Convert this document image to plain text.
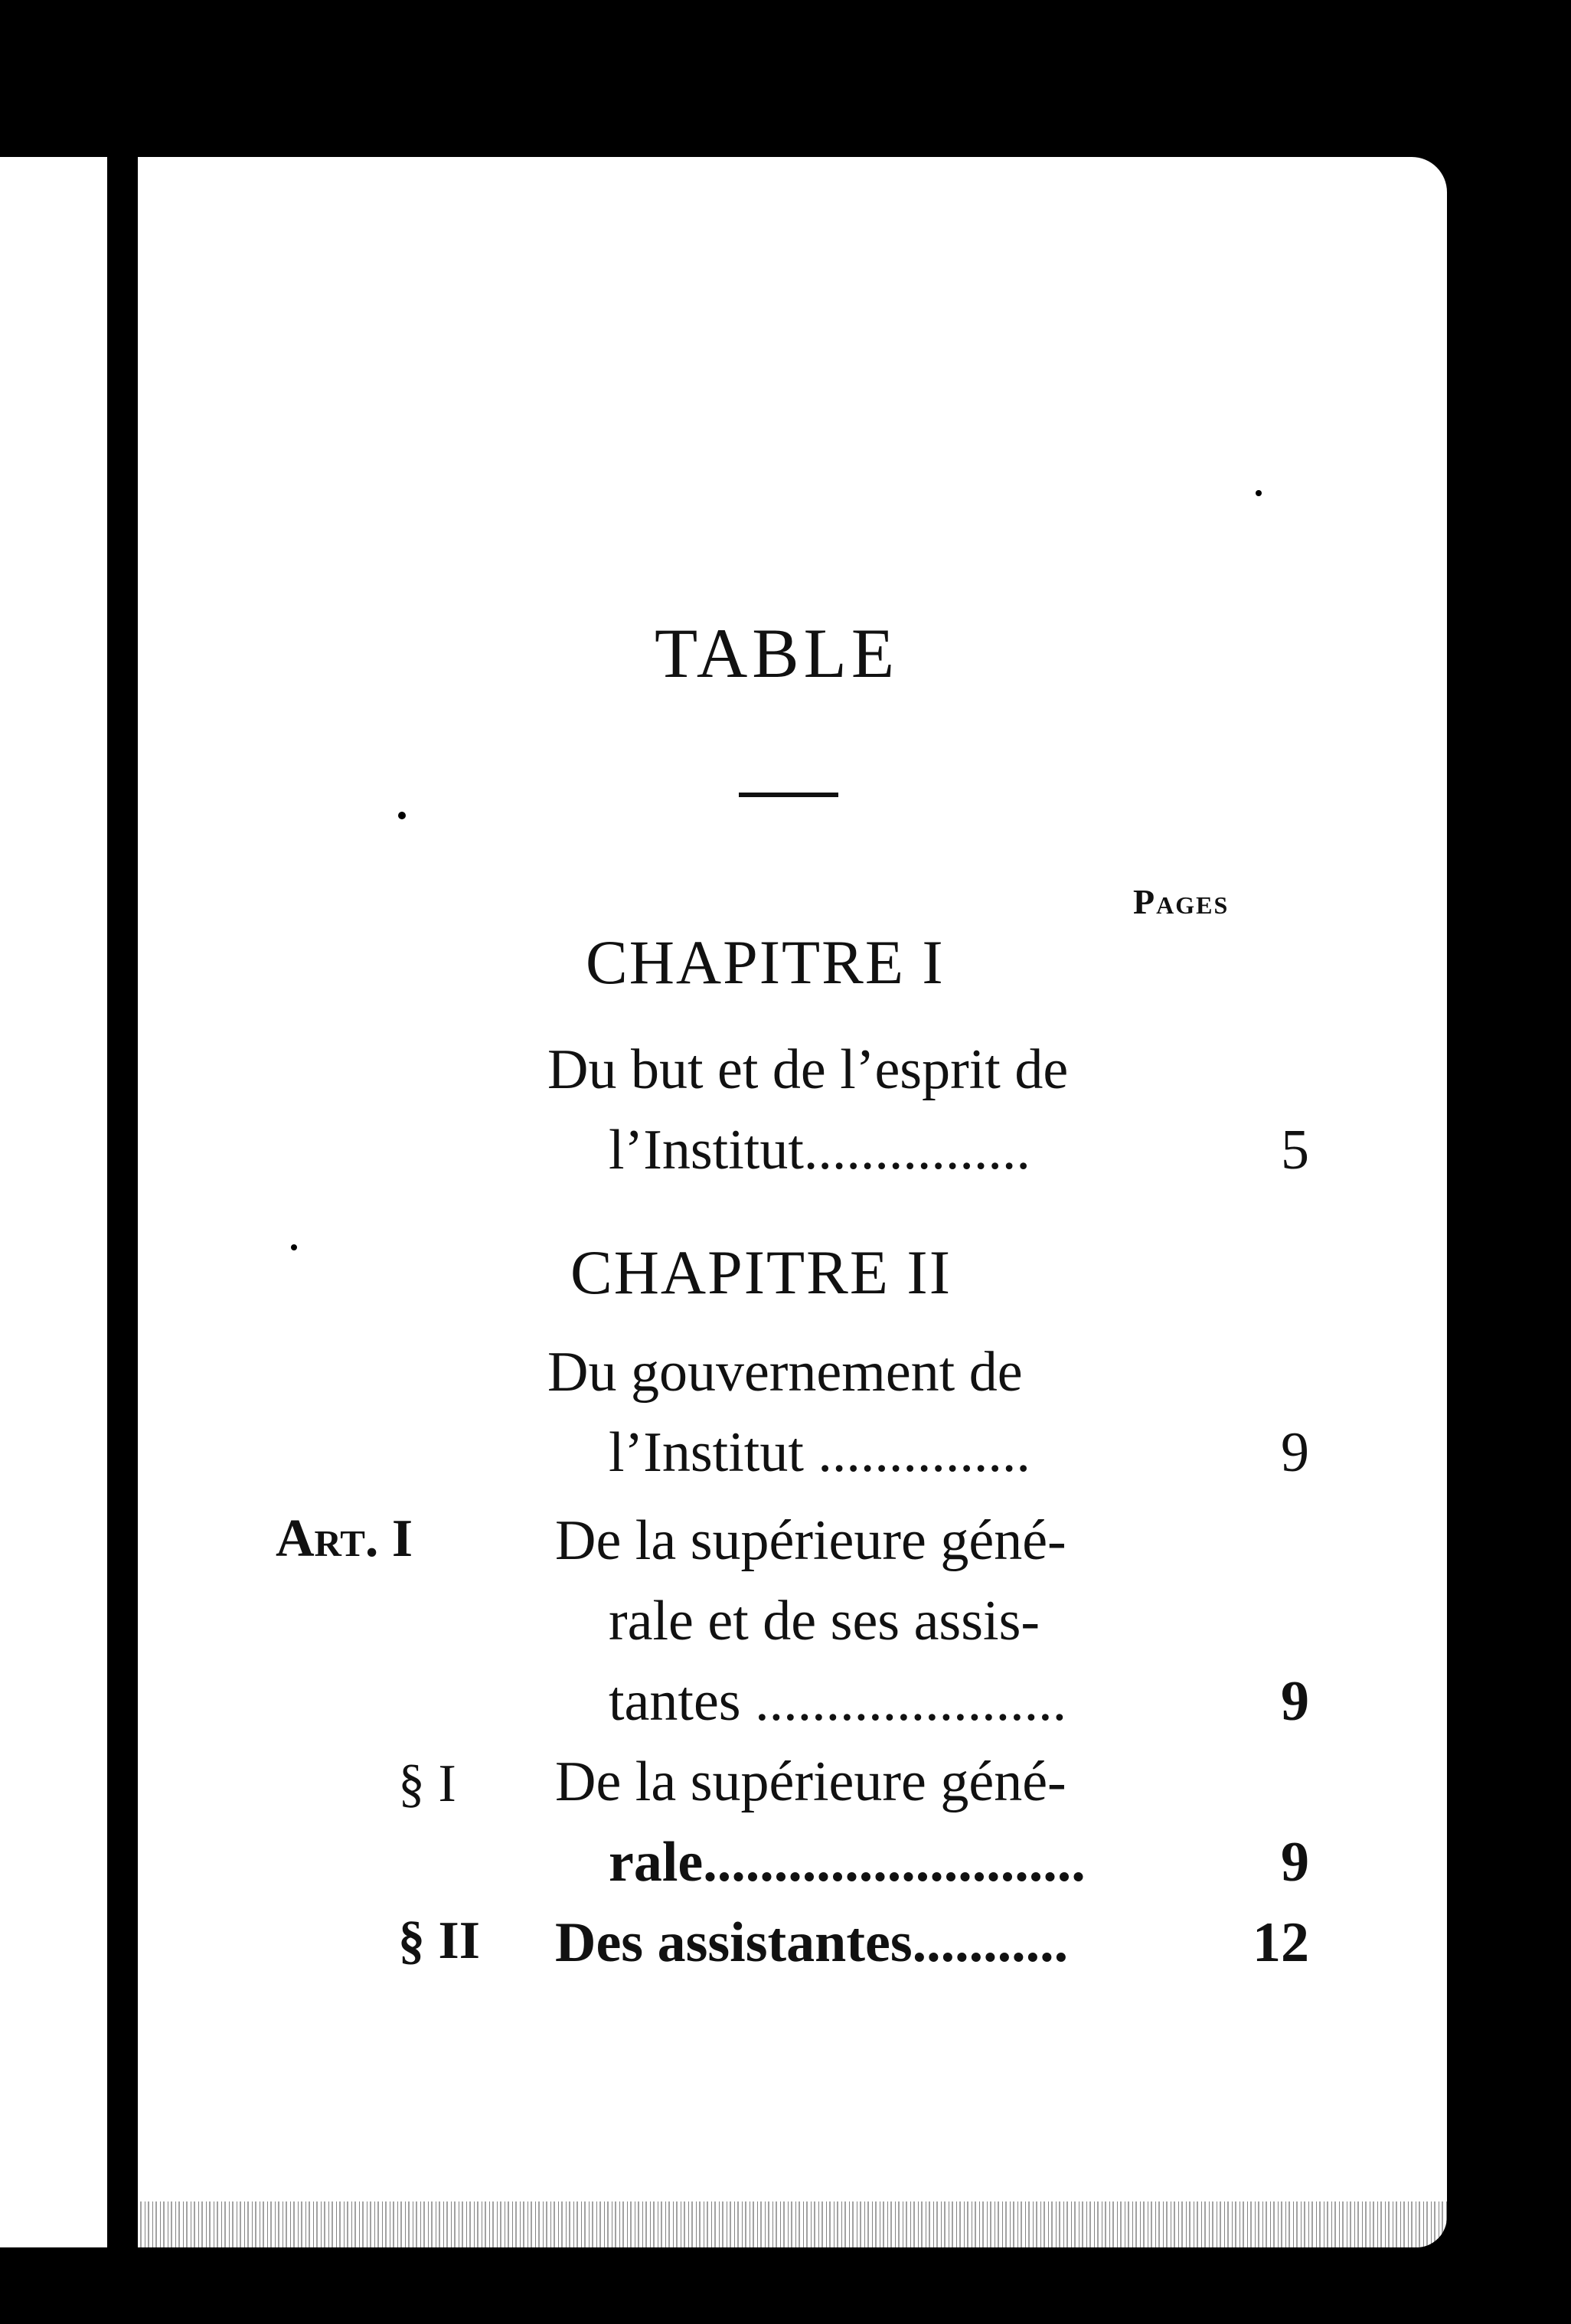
TABLE
Pages
CHAPITRE I
Du but et de l’esprit de
l’Institut................	5
CHAPITRE II
Du gouvernement de
l’Institut ...............	9
Art. I	De la supérieure géné-
rale et de ses assis-
tantes ......................	9
§ I De la supérieure géné-
rale...........................	9
§ II Des assistantes...........	12
